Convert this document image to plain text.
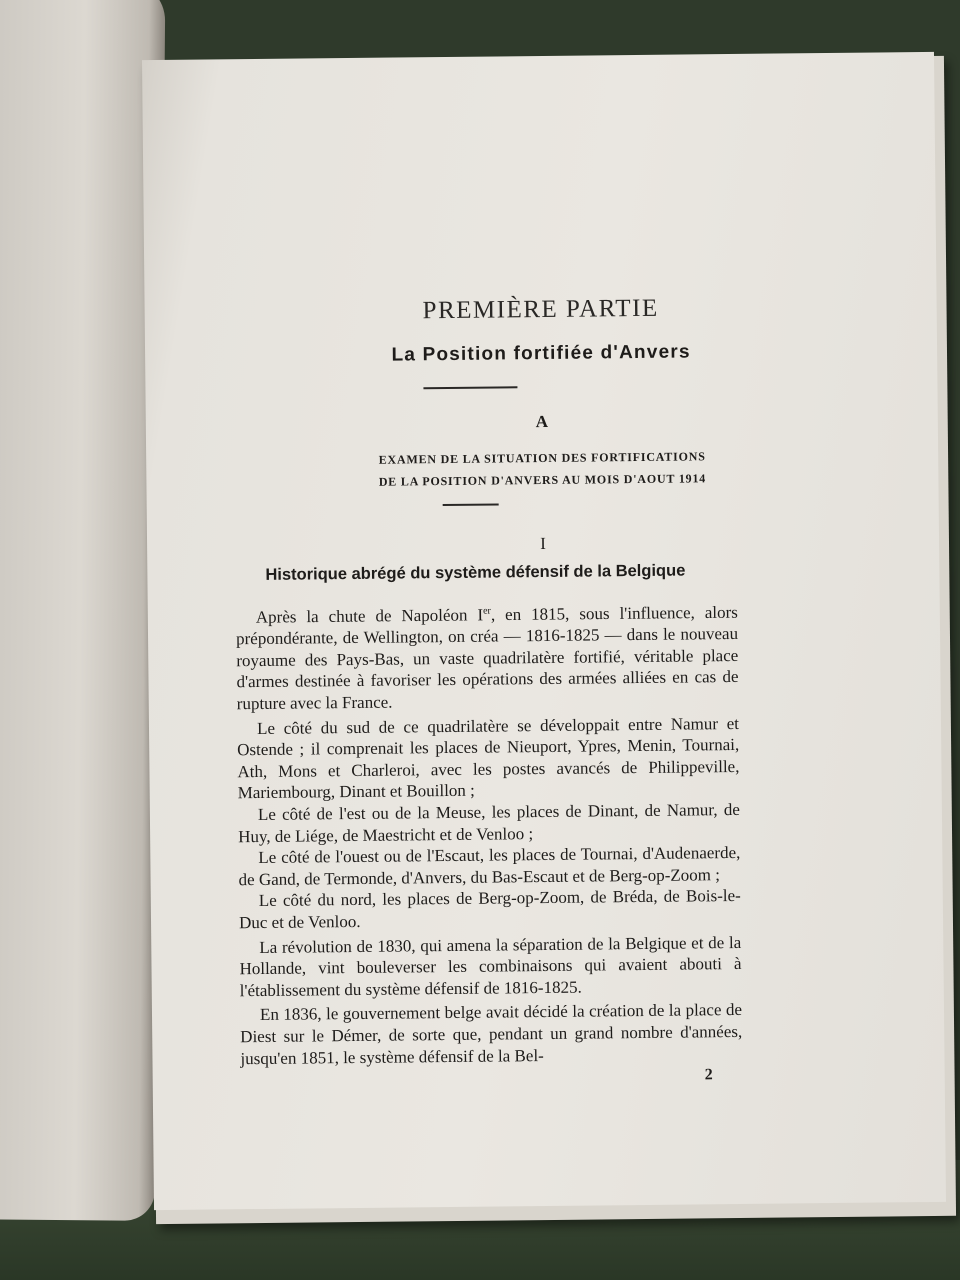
PREMIÈRE PARTIE
La Position fortifiée d'Anvers
A
EXAMEN DE LA SITUATION DES FORTIFICATIONS
DE LA POSITION D'ANVERS AU MOIS D'AOUT 1914
I
Historique abrégé du système défensif de la Belgique

Après la chute de Napoléon Ier, en 1815, sous l'influence, alors prépondérante, de Wellington, on créa — 1816-1825 — dans le nouveau royaume des Pays-Bas, un vaste quadrilatère fortifié, véritable place d'armes destinée à favoriser les opérations des armées alliées en cas de rupture avec la France.

Le côté du sud de ce quadrilatère se développait entre Namur et Ostende ; il comprenait les places de Nieuport, Ypres, Menin, Tournai, Ath, Mons et Charleroi, avec les postes avancés de Philippeville, Mariembourg, Dinant et Bouillon ;

Le côté de l'est ou de la Meuse, les places de Dinant, de Namur, de Huy, de Liége, de Maestricht et de Venloo ;

Le côté de l'ouest ou de l'Escaut, les places de Tournai, d'Audenaerde, de Gand, de Termonde, d'Anvers, du Bas-Escaut et de Berg-op-Zoom ;

Le côté du nord, les places de Berg-op-Zoom, de Bréda, de Bois-le-Duc et de Venloo.

La révolution de 1830, qui amena la séparation de la Belgique et de la Hollande, vint bouleverser les combinaisons qui avaient abouti à l'établissement du système défensif de 1816-1825.

En 1836, le gouvernement belge avait décidé la création de la place de Diest sur le Démer, de sorte que, pendant un grand nombre d'années, jusqu'en 1851, le système défensif de la Bel-

2
